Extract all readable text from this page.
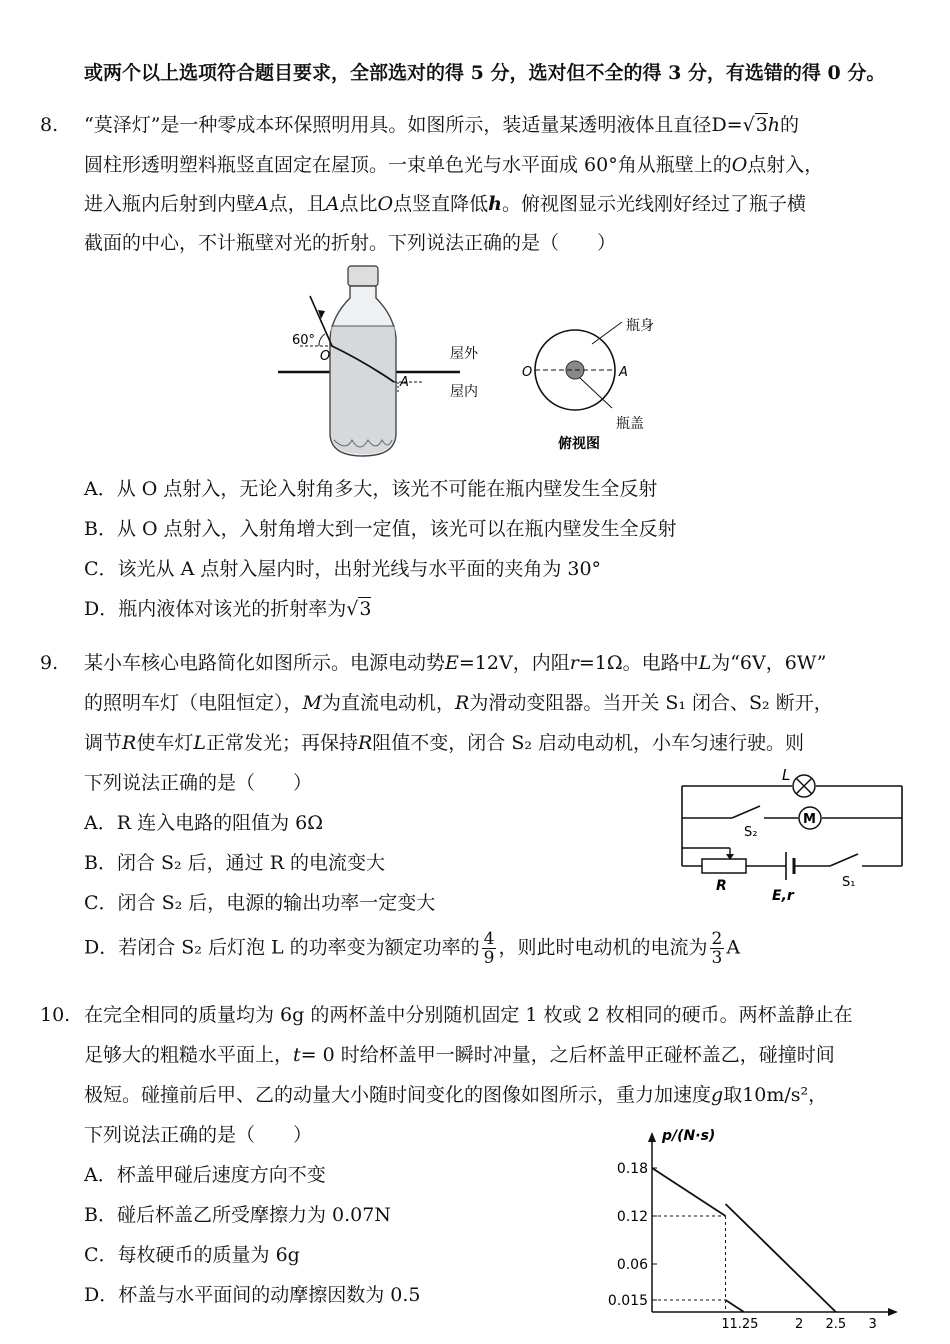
或两个以上选项符合题目要求，全部选对的得 5 分，选对但不全的得 3 分，有选错的得 0 分。
8. “莫泽灯”是一种零成本环保照明用具。如图所示，装适量某透明液体且直径D=√3h的
圆柱形透明塑料瓶竖直固定在屋顶。一束单色光与水平面成 60°角从瓶壁上的O点射入，
进入瓶内后射到内壁A点，且A点比O点竖直降低h。俯视图显示光线刚好经过了瓶子横
截面的中心，不计瓶壁对光的折射。下列说法正确的是（　　）
60°
O
A
屋外
屋内
O	A
瓶身
瓶盖
俯视图
A．从 O 点射入，无论入射角多大，该光不可能在瓶内壁发生全反射
B．从 O 点射入，入射角增大到一定值，该光可以在瓶内壁发生全反射
C．该光从 A 点射入屋内时，出射光线与水平面的夹角为 30°
D．瓶内液体对该光的折射率为√3
9. 某小车核心电路简化如图所示。电源电动势E=12V，内阻r=1Ω。电路中L为“6V，6W”
的照明车灯（电阻恒定），M为直流电动机，R为滑动变阻器。当开关 S₁ 闭合、S₂ 断开，
调节R使车灯L正常发光；再保持R阻值不变，闭合 S₂ 启动电动机，小车匀速行驶。则
下列说法正确的是（　　）
A．R 连入电路的阻值为 6Ω
B．闭合 S₂ 后，通过 R 的电流变大
C．闭合 S₂ 后，电源的输出功率一定变大
D．若闭合 S₂ 后灯泡 L 的功率变为额定功率的 $\frac{4}{9}$ ，则此时电动机的电流为 $\frac{2}{3}$ A
L
M
S₂
R
E,r
S₁
10. 在完全相同的质量均为 6g 的两杯盖中分别随机固定 1 枚或 2 枚相同的硬币。两杯盖静止在
足够大的粗糙水平面上，t= 0 时给杯盖甲一瞬时冲量，之后杯盖甲正碰杯盖乙，碰撞时间
极短。碰撞前后甲、乙的动量大小随时间变化的图像如图所示，重力加速度g取10m/s²，
下列说法正确的是（　　）
A．杯盖甲碰后速度方向不变
B．碰后杯盖乙所受摩擦力为 0.07N
C．每枚硬币的质量为 6g
D．杯盖与水平面间的动摩擦因数为 0.5
0.18
0.12
0.06
0.015
1 1.25	2 2.5 3
p/(N·s)
